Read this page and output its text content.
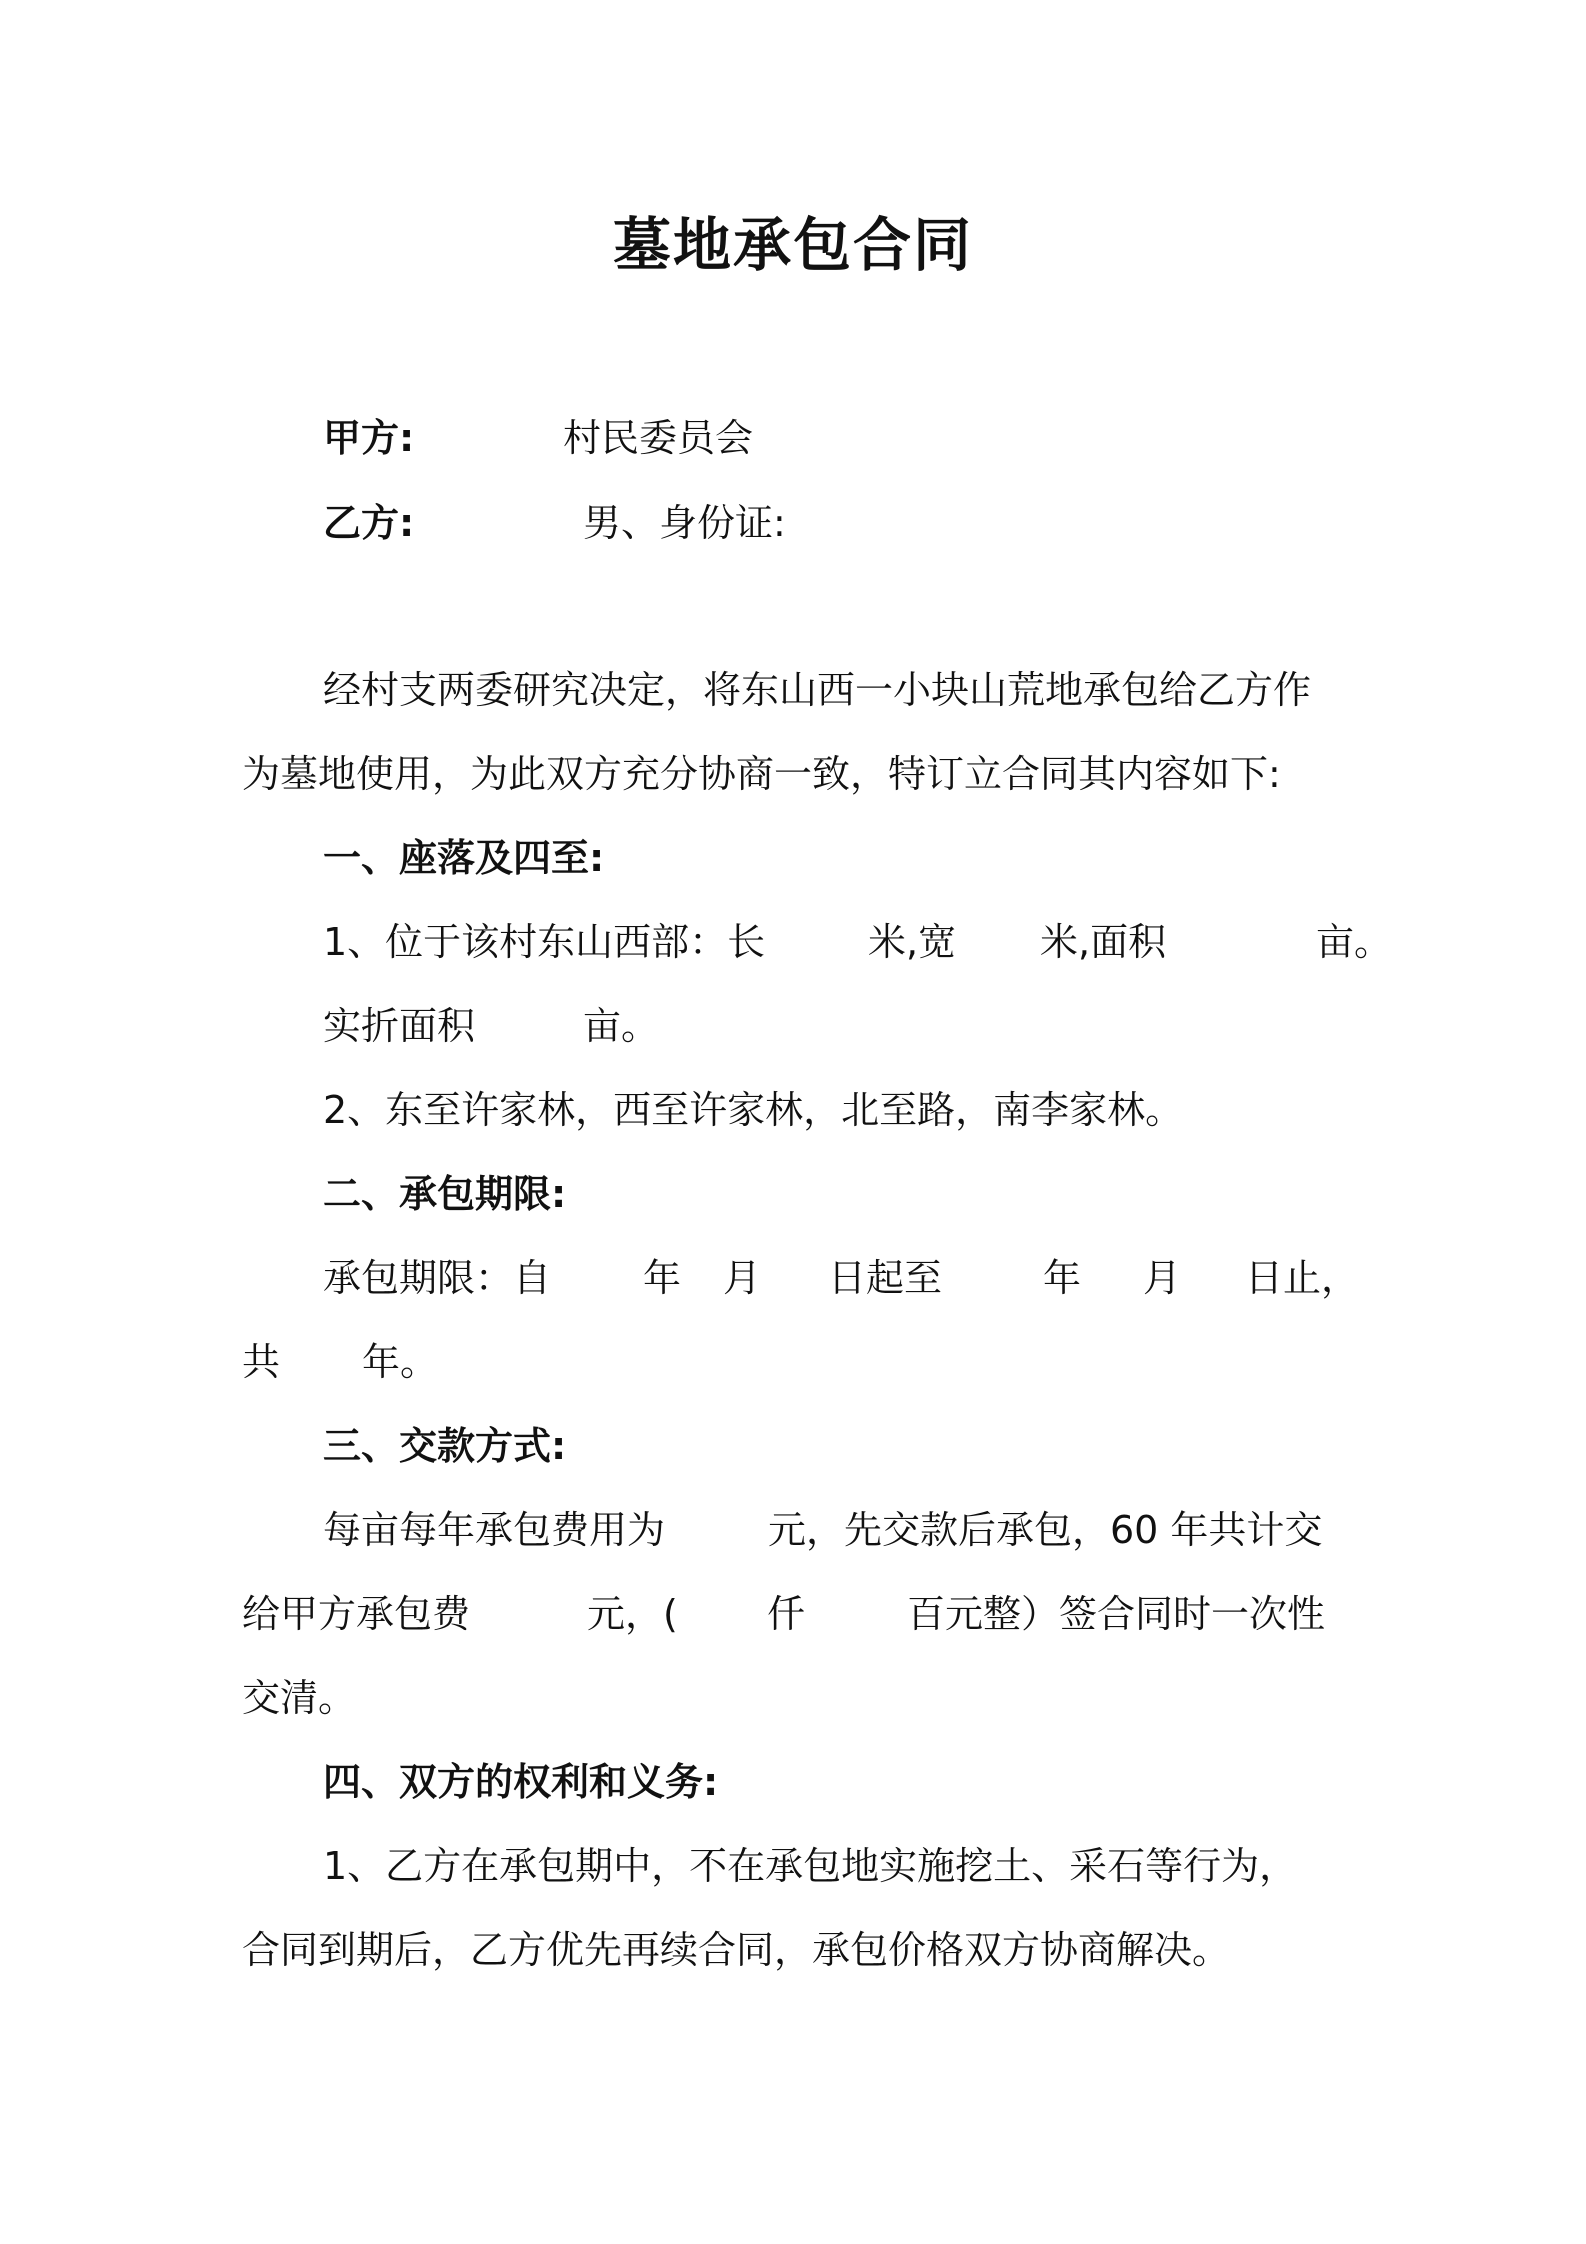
墓地承包合同
甲方:	村民委员会
乙方:	男、身份证:
经村支两委研究决定，将东山西一小块山荒地承包给乙方作
为墓地使用，为此双方充分协商一致，特订立合同其内容如下:
一、座落及四至:
1、位于该村东山西部：长	米,宽 米,面积	亩。
实折面积	亩。
2、东至许家林，西至许家林，北至路，南李家林。
二、承包期限:
承包期限：自 年 月 日起至	年 月 日止，
共 年。
三、交款方式:
每亩每年承包费用为	元，先交款后承包，60 年共计交
给甲方承包费	元，( 仟	百元整）签合同时一次性
交清。
四、双方的权利和义务:
1、乙方在承包期中，不在承包地实施挖土、采石等行为，
合同到期后，乙方优先再续合同，承包价格双方协商解决。
